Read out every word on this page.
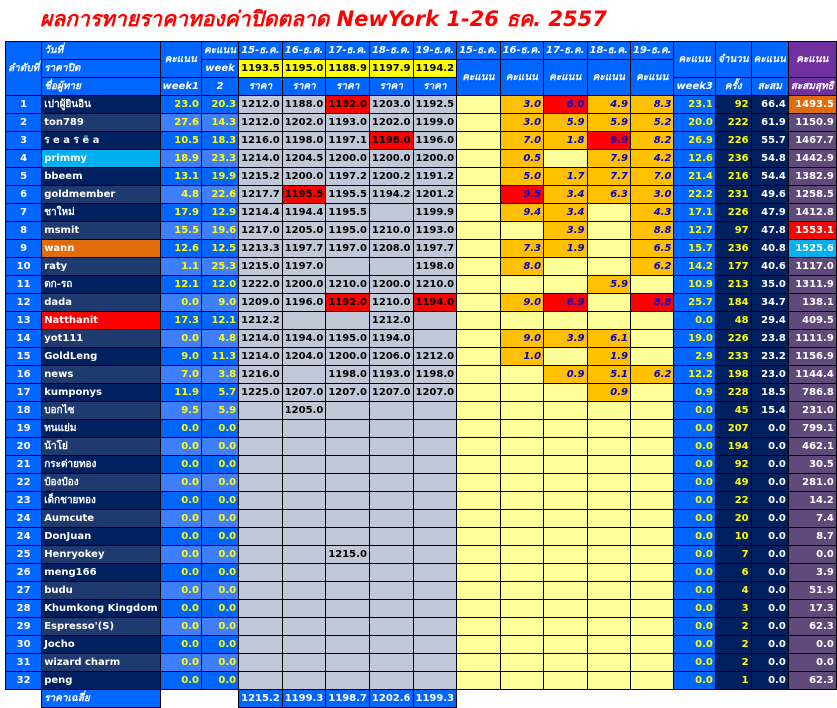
ผลการทายราคาทองค่าปิดตลาด NewYork 1-26 ธค. 2557
ลำดับที่	วันที่	คะแนน	คะแนน	15-ธ.ค.	16-ธ.ค.	17-ธ.ค.	18-ธ.ค.	19-ธ.ค.	15-ธ.ค.	16-ธ.ค.	17-ธ.ค.	18-ธ.ค.	19-ธ.ค.	คะแนน	จำนวน	คะแนน	คะแนน
	ราคาปิด		week	1193.5	1195.0	1188.9	1197.9	1194.2	คะแนน	คะแนน	คะแนน	คะแนน	คะแนน				
	ชื่อผู้ทาย	week1	2	ราคา	ราคา	ราคา	ราคา	ราคา						week3	ครั้ง	สะสม	สะสมสุทธิ
1	เปาผู้ยินอิน	23.0	20.3	1212.0	1188.0	1192.0	1203.0	1192.5		3.0	6.0	4.9	8.3	23.1	92	66.4	1493.5
2	ton789	27.6	14.3	1212.0	1202.0	1193.0	1202.0	1199.0		3.0	5.9	5.9	5.2	20.0	222	61.9	1150.9
3	ร e a ร ë a	10.5	18.3	1216.0	1198.0	1197.1	1198.0	1196.0		7.0	1.8	9.9	8.2	26.9	226	55.7	1467.7
4	primmy	18.9	23.3	1214.0	1204.5	1200.0	1200.0	1200.0		0.5		7.9	4.2	12.6	236	54.8	1442.9
5	bbeem	13.1	19.9	1215.2	1200.0	1197.2	1200.2	1191.2		5.0	1.7	7.7	7.0	21.4	216	54.4	1382.9
6	goldmember	4.8	22.6	1217.7	1195.5	1195.5	1194.2	1201.2		9.5	3.4	6.3	3.0	22.2	231	49.6	1258.5
7	ชาใหม่	17.9	12.9	1214.4	1194.4	1195.5		1199.9		9.4	3.4		4.3	17.1	226	47.9	1412.8
8	msmit	15.5	19.6	1217.0	1205.0	1195.0	1210.0	1193.0			3.9		8.8	12.7	97	47.8	1553.1
9	wann	12.6	12.5	1213.3	1197.7	1197.0	1208.0	1197.7		7.3	1.9		6.5	15.7	236	40.8	1525.6
10	raty	1.1	25.3	1215.0	1197.0			1198.0		8.0			6.2	14.2	177	40.6	1117.0
11	ตก-รถ	12.1	12.0	1222.0	1200.0	1210.0	1200.0	1210.0				5.9		10.9	213	35.0	1311.9
12	dada	0.0	9.0	1209.0	1196.0	1192.0	1210.0	1194.0		9.0	6.9		8.8	25.7	184	34.7	138.1
13	Natthanit	17.3	12.1	1212.2			1212.0							0.0	48	29.4	409.5
14	yot111	0.0	4.8	1214.0	1194.0	1195.0	1194.0			9.0	3.9	6.1		19.0	226	23.8	1111.9
15	GoldLeng	9.0	11.3	1214.0	1204.0	1200.0	1206.0	1212.0		1.0		1.9		2.9	233	23.2	1156.9
16	news	7.0	3.8	1216.0		1198.0	1193.0	1198.0			0.9	5.1	6.2	12.2	198	23.0	1144.4
17	kumponys	11.9	5.7	1225.0	1207.0	1207.0	1207.0	1207.0				0.9		0.9	228	18.5	786.8
18	บอกไซ	9.5	5.9		1205.0									0.0	45	15.4	231.0
19	ทนแย่ม	0.0	0.0											0.0	207	0.0	799.1
20	น้าโย่	0.0	0.0											0.0	194	0.0	462.1
21	กระต่ายทอง	0.0	0.0											0.0	92	0.0	30.5
22	ป๋องป๋อง	0.0	0.0											0.0	49	0.0	281.0
23	เด็กชายทอง	0.0	0.0											0.0	22	0.0	14.2
24	Aumcute	0.0	0.0											0.0	20	0.0	7.4
24	DonJuan	0.0	0.0											0.0	10	0.0	8.7
25	Henryokey	0.0	0.0			1215.0								0.0	7	0.0	0.0
26	meng166	0.0	0.0											0.0	6	0.0	3.9
27	budu	0.0	0.0											0.0	4	0.0	51.9
28	Khumkong Kingdom	0.0	0.0											0.0	3	0.0	17.3
29	Espresso'(S)	0.0	0.0											0.0	2	0.0	62.3
30	Jocho	0.0	0.0											0.0	2	0.0	0.0
31	wizard charm	0.0	0.0											0.0	2	0.0	0.0
32	peng	0.0	0.0											0.0	1	0.0	62.3
	ราคาเฉลี่ย			1215.2	1199.3	1198.7	1202.6	1199.3									
